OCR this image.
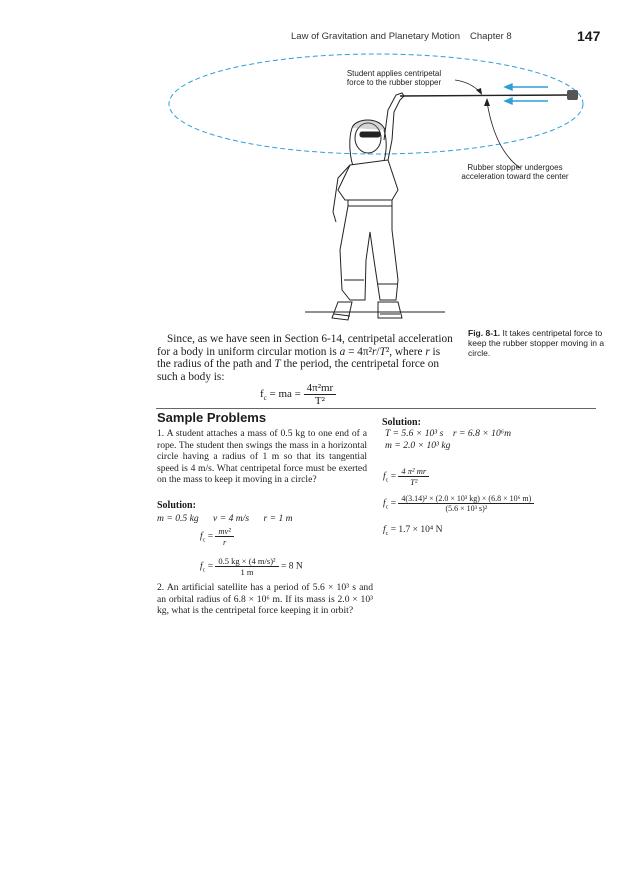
Law of Gravitation and Planetary Motion Chapter 8	147
Student applies centripetal
force to the rubber stopper
Rubber stopper undergoes
acceleration toward the center
Fig. 8-1. It takes centripetal force to keep the rubber stopper moving in a circle.
Since, as we have seen in Section 6-14, centripetal acceleration
for a body in uniform circular motion is a = 4π²r/T², where r is
the radius of the path and T the period, the centripetal force on
such a body is:
$f_c$ = ma = $\frac{\text{4π²mr}}{\text{T²}}$
Sample Problems
1. A student attaches a mass of 0.5 kg to one end of a rope. The student then swings the mass in a horizontal circle having a radius of 1 m so that its tangential speed is 4 m/s. What centripetal force must be exerted on the mass to keep it moving in a circle?
Solution:
m = 0.5 kg      v = 4 m/s      r = 1 m
$f_c = \frac{\text{mv²}}{r}$
$f_c = \frac{\text{0.5 kg × (4 m/s)²}}{1 m} = 8$ N
2. An artificial satellite has a period of 5.6 × 10³ s and an orbital radius of 6.8 × 10⁶ m. If its mass is 2.0 × 10³ kg, what is the centripetal force keeping it in orbit?
Solution:
T = 5.6 × 10³ s    r = 6.8 × 10⁶m
m = 2.0 × 10³ kg
$f_c = \frac{\text{4 π² mr}}{\text{T²}}$
$f_c = \frac{\text{4(3.14)² × (2.0 × 10³ kg) × (6.8 × 10⁶ m)}}{\text{(5.6 × 10³ s)²}}$
$f_c = 1.7 \times 10^4$ N
